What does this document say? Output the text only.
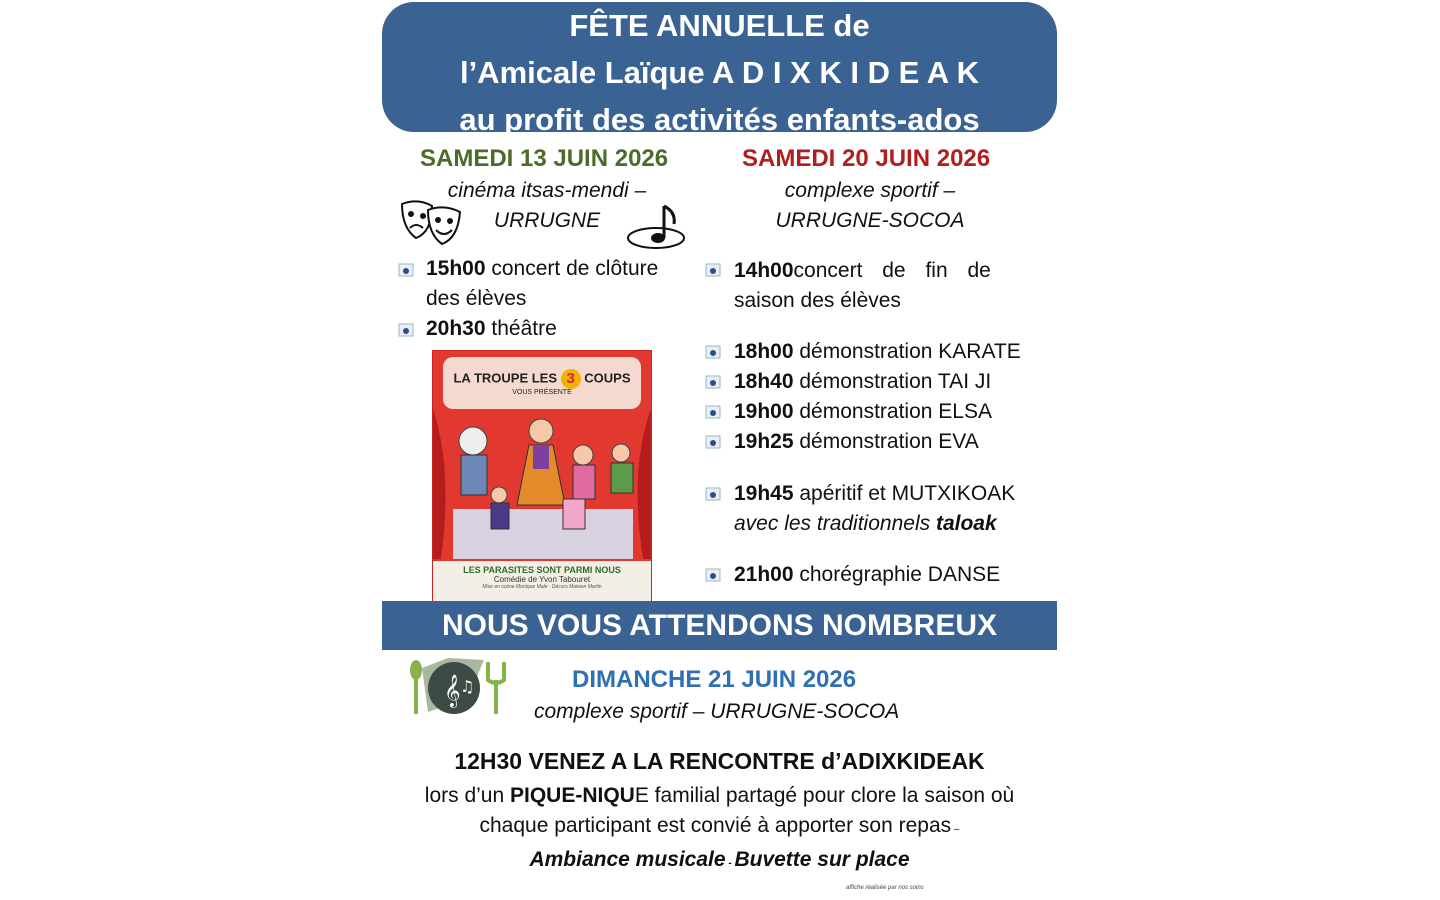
FÊTE ANNUELLE de
l’Amicale Laïque A D I X K I D E A K
au profit des activités enfants-ados
SAMEDI 13 JUIN 2026
cinéma itsas-mendi –
URRUGNE
15h00 concert de clôture
des élèves
20h30 théâtre
LA TROUPE LES 3 COUPS
VOUS PRÉSENTE
LES PARASITES SONT PARMI NOUS
Comédie de Yvon Tabouret
Mise en scène Monique Male · Décors Maiwen Martin
SAMEDI 20 JUIN 2026
complexe sportif –
URRUGNE-SOCOA
14h00 concert de fin de
saison des élèves
18h00 démonstration KARATE
18h40 démonstration TAI JI
19h00 démonstration ELSA
19h25 démonstration EVA
19h45 apéritif et MUTXIKOAK
avec les traditionnels taloak
21h00 chorégraphie DANSE
NOUS VOUS ATTENDONS NOMBREUX
𝄞 ♫	DIMANCHE 21 JUIN 2026
complexe sportif – URRUGNE-SOCOA
12H30 VENEZ A LA RENCONTRE d’ADIXKIDEAK
lors d’un PIQUE-NIQUE familial partagé pour clore la saison où
chaque participant est convié à apporter son repas –
Ambiance musicale - Buvette sur place
affiche réalisée par nos soins
